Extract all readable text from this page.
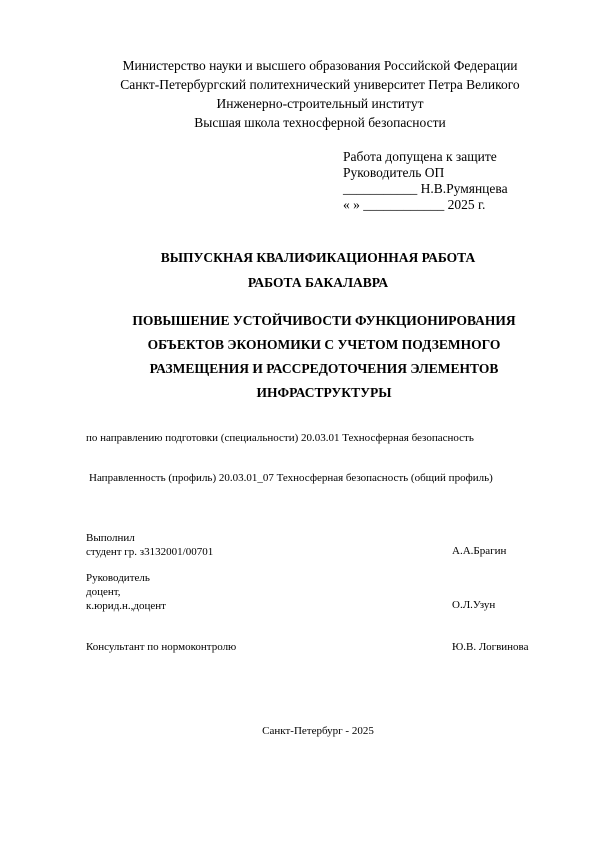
Министерство науки и высшего образования Российской Федерации
Санкт-Петербургский политехнический университет Петра Великого
Инженерно-строительный институт
Высшая школа техносферной безопасности
Работа допущена к защите
Руководитель ОП
___________ Н.В.Румянцева
« » ____________ 2025 г.
ВЫПУСКНАЯ КВАЛИФИКАЦИОННАЯ РАБОТА
РАБОТА БАКАЛАВРА
ПОВЫШЕНИЕ УСТОЙЧИВОСТИ ФУНКЦИОНИРОВАНИЯ
ОБЪЕКТОВ ЭКОНОМИКИ С УЧЕТОМ ПОДЗЕМНОГО
РАЗМЕЩЕНИЯ И РАССРЕДОТОЧЕНИЯ ЭЛЕМЕНТОВ
ИНФРАСТРУКТУРЫ
по направлению подготовки (специальности) 20.03.01 Техносферная безопасность
Направленность (профиль) 20.03.01_07 Техносферная безопасность (общий профиль)
Выполнил
студент гр. з3132001/00701	А.А.Брагин
Руководитель
доцент,
к.юрид.н.,доцент	О.Л.Узун
Консультант по нормоконтролю	Ю.В. Логвинова
Санкт-Петербург - 2025
